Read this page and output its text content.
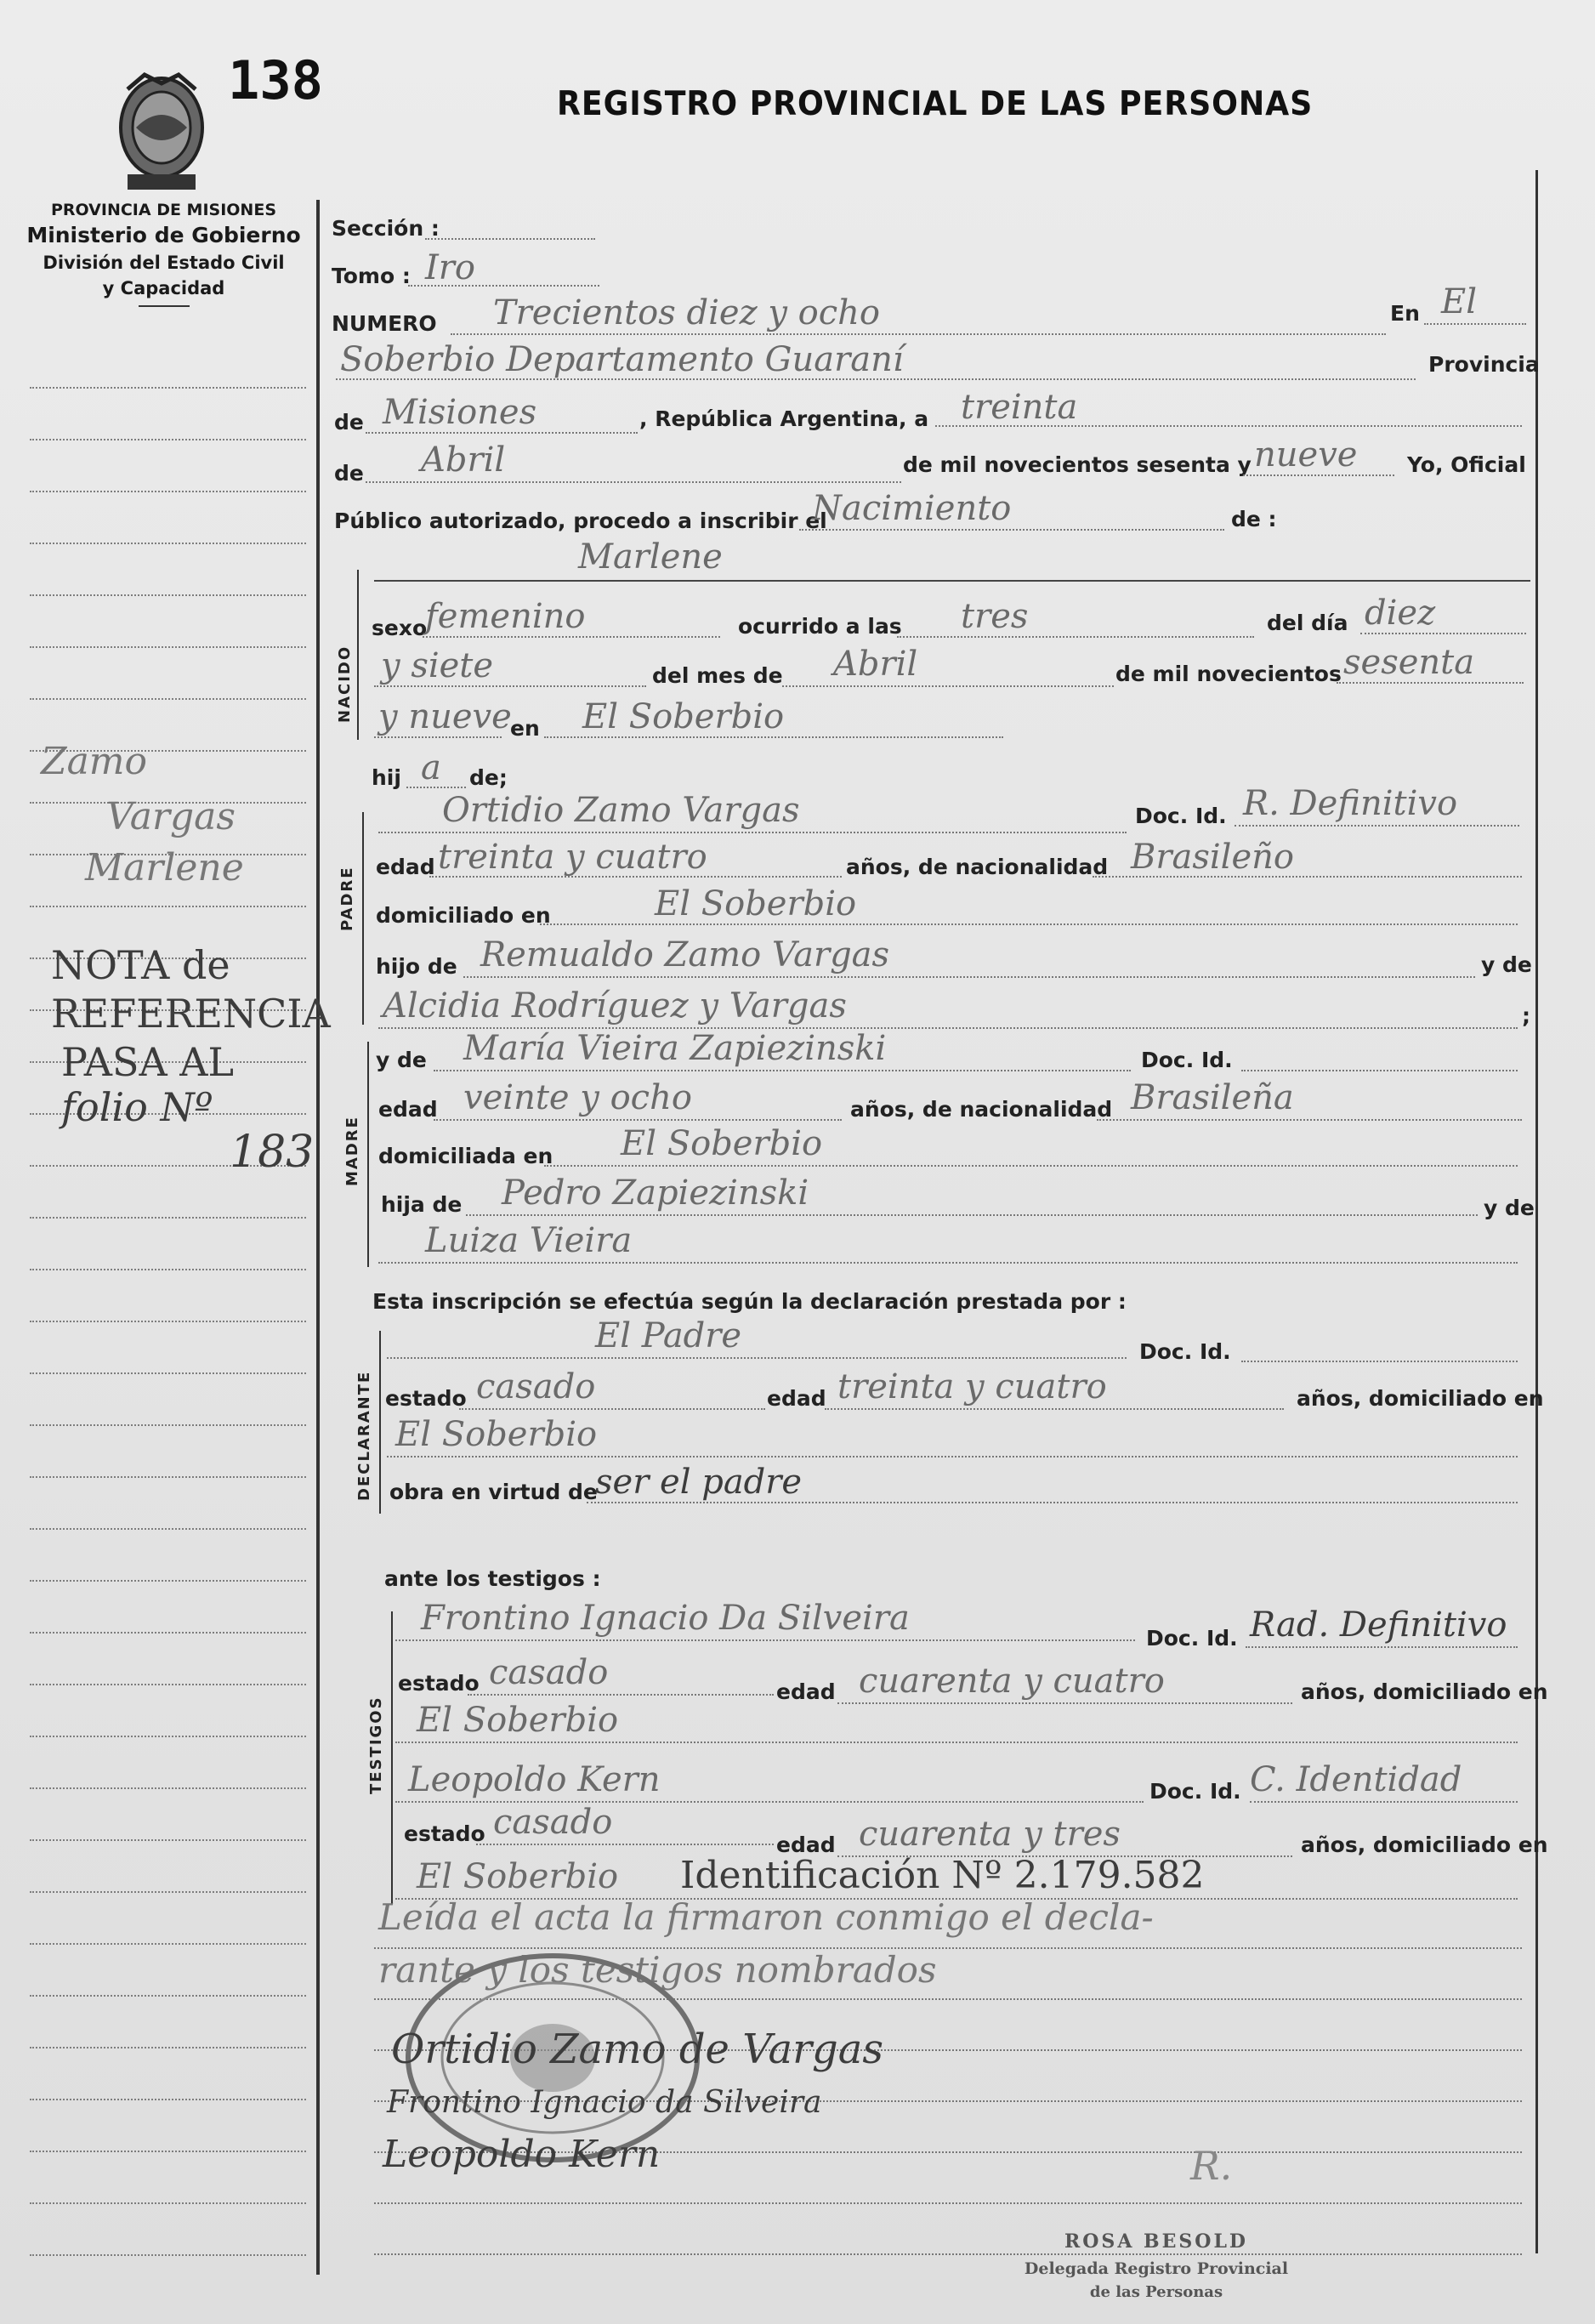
138	REGISTRO PROVINCIAL DE LAS PERSONAS
PROVINCIA DE MISIONES
Ministerio de Gobierno
División del Estado Civil
y Capacidad
NACIDO
PADRE
MADRE
DECLARANTE
TESTIGOS
Zamo
Vargas
Marlene
NOTA de
REFERENCIA
PASA AL
folio Nº
183
Sección :
Tomo : Iro
NUMERO Trecientos diez y ocho	En El
Soberbio Departamento Guaraní	Provincia
de Misiones	, República Argentina, a treinta
de Abril	de mil novecientos sesenta y nueve Yo, Oficial
Público autorizado, procedo a inscribir el
Nacimiento	de :
Marlene
sexo
femenino	ocurrido a las tres	del día diez
y siete	del mes de Abril	de mil novecientos sesenta
y nueve
en El Soberbio
hij a de;
Ortidio Zamo Vargas	Doc. Id. R. Definitivo
edad treinta y cuatro	años, de nacionalidad Brasileño
domiciliado en	El Soberbio
hijo de Remualdo Zamo Vargas	y de
Alcidia Rodríguez y Vargas	;
y de María Vieira Zapiezinski	Doc. Id.
edad veinte y ocho	años, de nacionalidad Brasileña
domiciliada en El Soberbio
hija de Pedro Zapiezinski	y de
Luiza Vieira
Esta inscripción se efectúa según la declaración prestada por :
El Padre	Doc. Id.
estado casado	edad treinta y cuatro	años, domiciliado en
El Soberbio
obra en virtud de
ser el padre
ante los testigos :
Frontino Ignacio Da Silveira
Doc. Id. Rad. Definitivo
estado casado	edad cuarenta y cuatro	años, domiciliado en
El Soberbio
Leopoldo Kern	Doc. Id. C. Identidad
estado casado
edad cuarenta y tres	años, domiciliado en
El Soberbio Identificación Nº 2.179.582
Leída el acta la firmaron conmigo el decla-
rante y los testigos nombrados
Ortidio Zamo de Vargas
Frontino Ignacio da Silveira
Leopoldo Kern	R.
ROSA BESOLD
Delegada Registro Provincial
de las Personas
